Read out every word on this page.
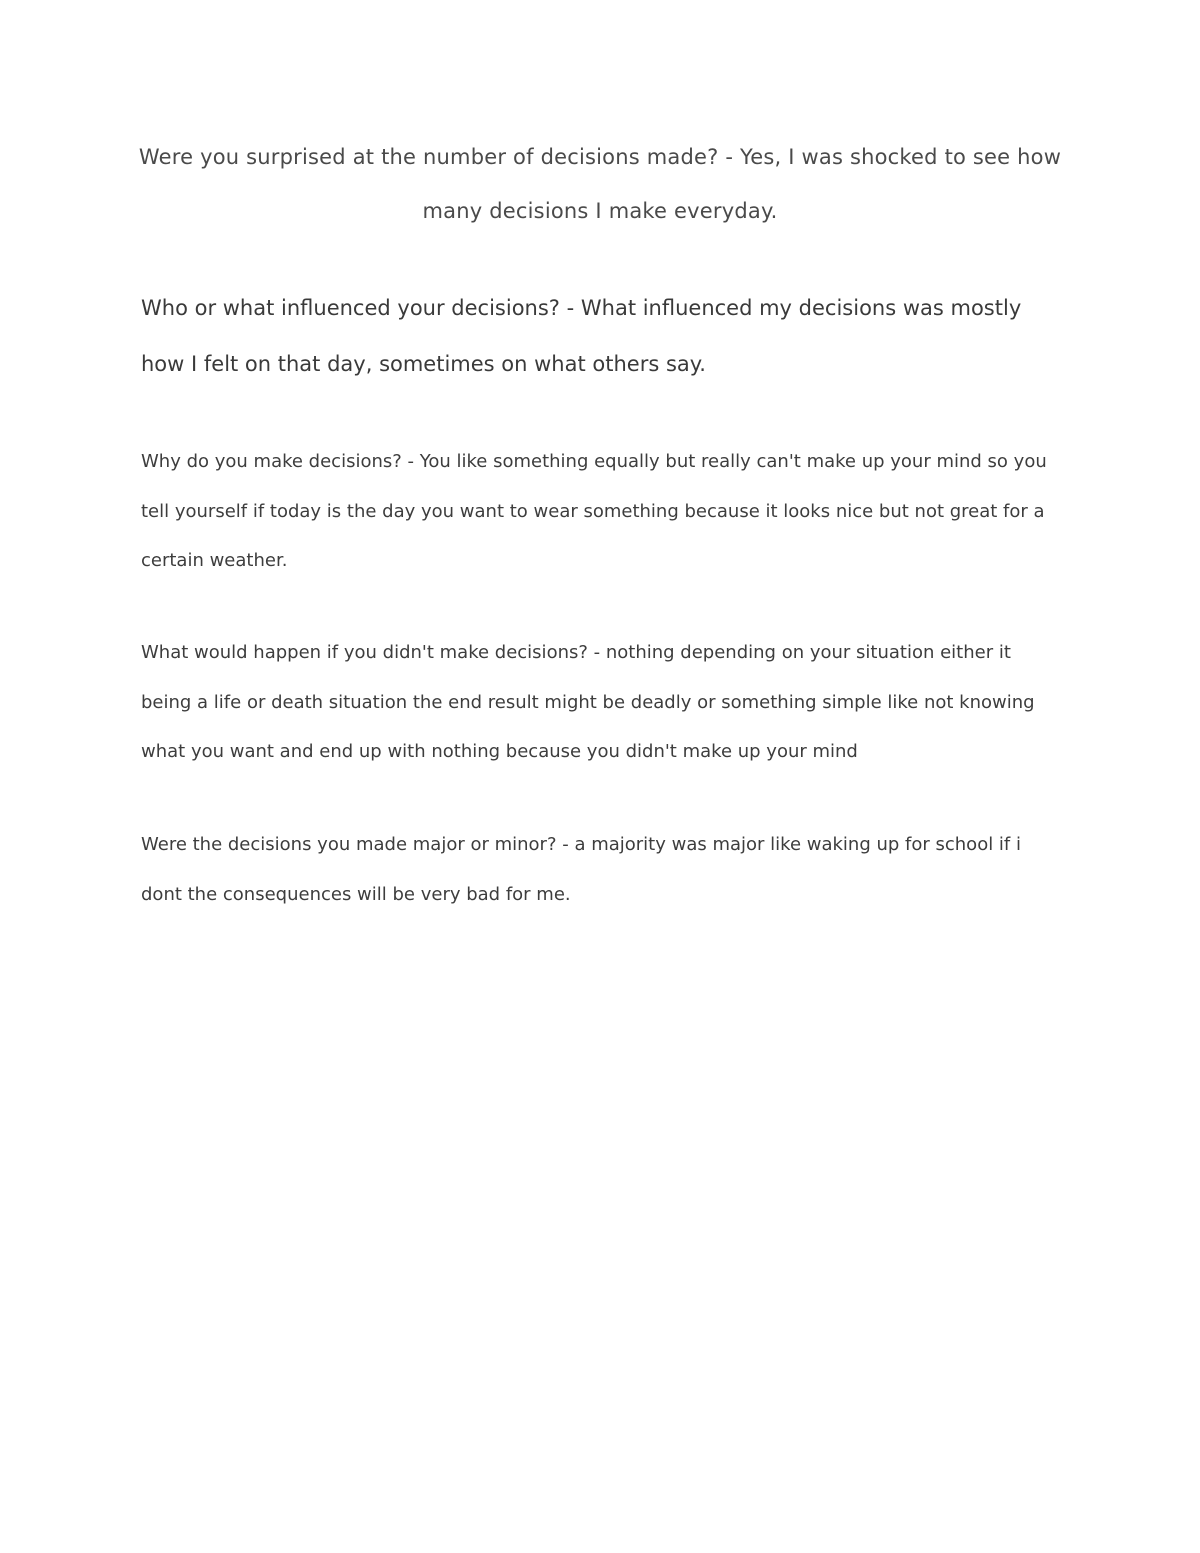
Were you surprised at the number of decisions made? - Yes, I was shocked to see how many decisions I make everyday.

Who or what influenced your decisions? - What influenced my decisions was mostly how I felt on that day, sometimes on what others say.

Why do you make decisions? - You like something equally but really can't make up your mind so you tell yourself if today is the day you want to wear something because it looks nice but not great for a certain weather.

What would happen if you didn't make decisions? - nothing depending on your situation either it being a life or death situation the end result might be deadly or something simple like not knowing what you want and end up with nothing because you didn't make up your mind

Were the decisions you made major or minor? - a majority was major like waking up for school if i dont the consequences will be very bad for me.
